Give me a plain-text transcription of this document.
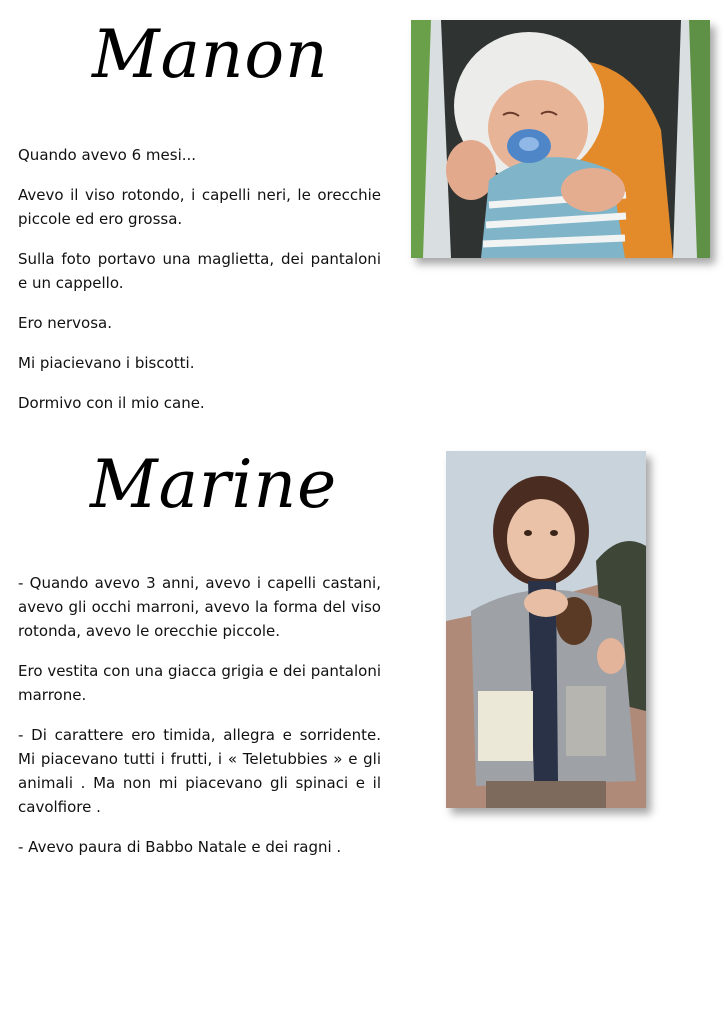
Manon

Quando avevo 6 mesi...

Avevo il viso rotondo, i capelli neri, le orecchie piccole ed ero grossa.

Sulla foto portavo una maglietta, dei pantaloni e un cappello.

Ero nervosa.

Mi piacievano i biscotti.

Dormivo con il mio cane.

Marine

- Quando avevo 3 anni, avevo i capelli castani, avevo gli occhi marroni, avevo la forma del viso rotonda, avevo le orecchie piccole.

Ero vestita con una giacca grigia e dei pantaloni marrone.

- Di carattere ero timida, allegra e sorridente. Mi piacevano tutti i frutti, i « Teletubbies » e gli animali . Ma non mi piacevano gli spinaci e il cavolfiore .

- Avevo paura di Babbo Natale e dei ragni .
